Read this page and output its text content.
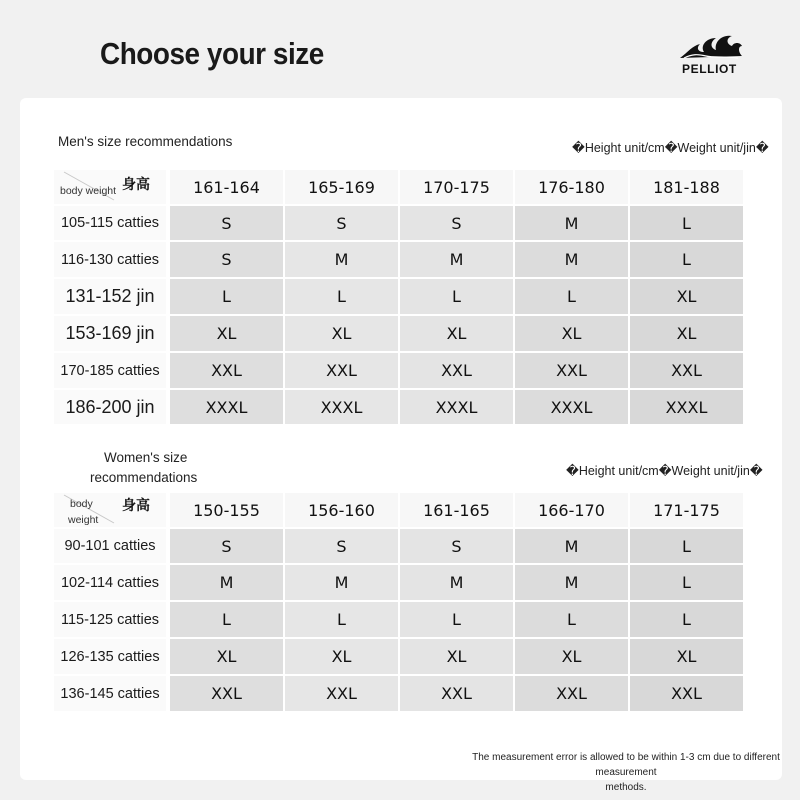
Choose your size	PELLIOT
Men's size recommendations	�Height unit/cm�Weight unit/jin�
body weight 身高	161-164	165-169	170-175	176-180	181-188
105-115 catties	S	S	S	M	L
116-130 catties	S	M	M	M	L
131-152 jin	L	L	L	L	XL
153-169 jin	XL	XL	XL	XL	XL
170-185 catties	XXL	XXL	XXL	XXL	XXL
186-200 jin	XXXL	XXXL	XXXL	XXXL	XXXL
Women's size
recommendations	�Height unit/cm�Weight unit/jin�
body
weight
身高	150-155	156-160	161-165	166-170	171-175
90-101 catties	S	S	S	M	L
102-114 catties	M	M	M	M	L
115-125 catties	L	L	L	L	L
126-135 catties	XL	XL	XL	XL	XL
136-145 catties	XXL	XXL	XXL	XXL	XXL
The measurement error is allowed to be within 1-3 cm due to different measurement
methods.
